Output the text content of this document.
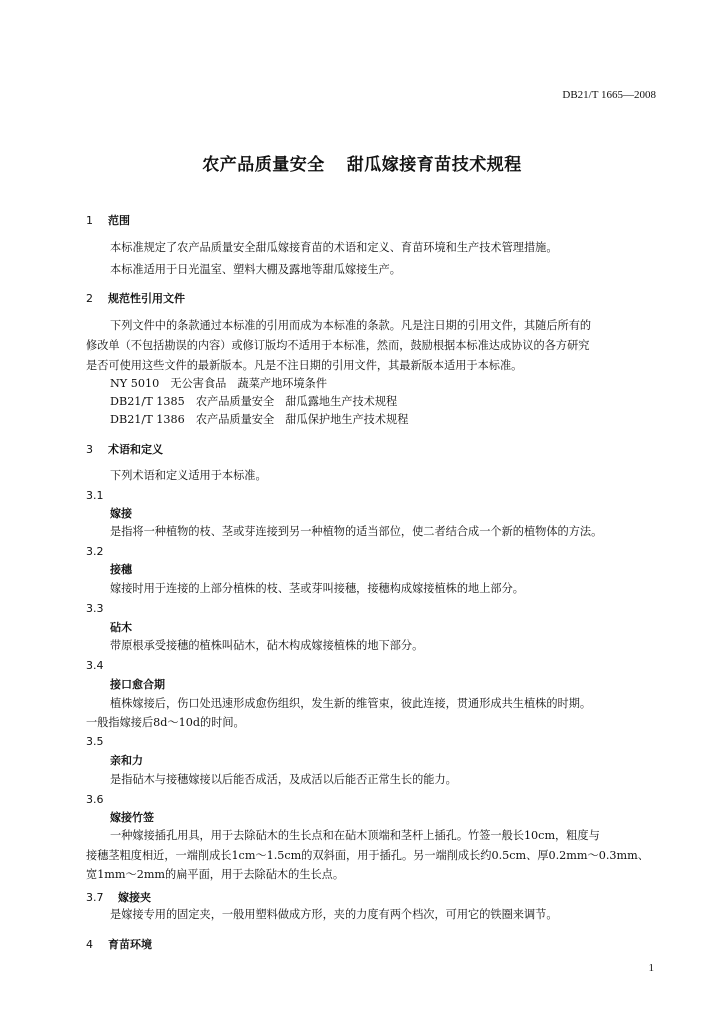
DB21/T 1665—2008
农产品质量安全 甜瓜嫁接育苗技术规程
1 范围
本标准规定了农产品质量安全甜瓜嫁接育苗的术语和定义、育苗环境和生产技术管理措施。
本标准适用于日光温室、塑料大棚及露地等甜瓜嫁接生产。
2 规范性引用文件
下列文件中的条款通过本标准的引用而成为本标准的条款。凡是注日期的引用文件，其随后所有的
修改单（不包括勘误的内容）或修订版均不适用于本标准，然而，鼓励根据本标准达成协议的各方研究
是否可使用这些文件的最新版本。凡是不注日期的引用文件，其最新版本适用于本标准。
NY 5010　无公害食品　蔬菜产地环境条件
DB21/T 1385　农产品质量安全　甜瓜露地生产技术规程
DB21/T 1386　农产品质量安全　甜瓜保护地生产技术规程
3 术语和定义
下列术语和定义适用于本标准。
3.1
嫁接
是指将一种植物的枝、茎或芽连接到另一种植物的适当部位，使二者结合成一个新的植物体的方法。
3.2
接穗
嫁接时用于连接的上部分植株的枝、茎或芽叫接穗，接穗构成嫁接植株的地上部分。
3.3
砧木
带原根承受接穗的植株叫砧木，砧木构成嫁接植株的地下部分。
3.4
接口愈合期
植株嫁接后，伤口处迅速形成愈伤组织，发生新的维管束，彼此连接，贯通形成共生植株的时期。
一般指嫁接后8d～10d的时间。
3.5
亲和力
是指砧木与接穗嫁接以后能否成活，及成活以后能否正常生长的能力。
3.6
嫁接竹签
一种嫁接插孔用具，用于去除砧木的生长点和在砧木顶端和茎杆上插孔。竹签一般长10cm，粗度与
接穗茎粗度相近，一端削成长1cm～1.5cm的双斜面，用于插孔。另一端削成长约0.5cm、厚0.2mm～0.3mm、
宽1mm～2mm的扁平面，用于去除砧木的生长点。
3.7 嫁接夹
是嫁接专用的固定夹，一般用塑料做成方形，夹的力度有两个档次，可用它的铁圈来调节。
4 育苗环境
1
